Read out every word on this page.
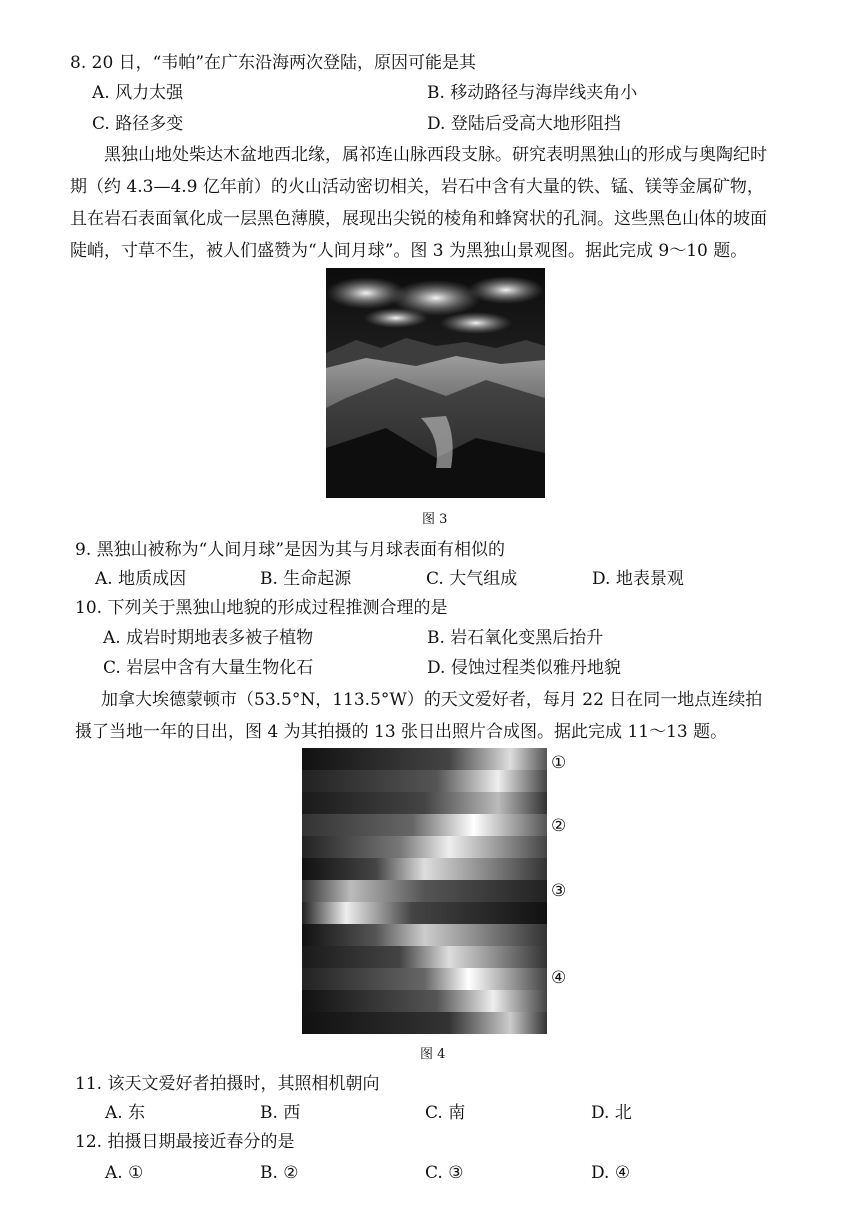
8. 20 日，“韦帕”在广东沿海两次登陆，原因可能是其
A. 风力太强	B. 移动路径与海岸线夹角小
C. 路径多变	D. 登陆后受高大地形阻挡
黑独山地处柴达木盆地西北缘，属祁连山脉西段支脉。研究表明黑独山的形成与奥陶纪时期（约 4.3—4.9 亿年前）的火山活动密切相关，岩石中含有大量的铁、锰、镁等金属矿物，且在岩石表面氧化成一层黑色薄膜，展现出尖锐的棱角和蜂窝状的孔洞。这些黑色山体的坡面陡峭，寸草不生，被人们盛赞为“人间月球”。图 3 为黑独山景观图。据此完成 9～10 题。
图 3
9. 黑独山被称为“人间月球”是因为其与月球表面有相似的
A. 地质成因	B. 生命起源	C. 大气组成	D. 地表景观
10. 下列关于黑独山地貌的形成过程推测合理的是
A. 成岩时期地表多被子植物	B. 岩石氧化变黑后抬升
C. 岩层中含有大量生物化石	D. 侵蚀过程类似雅丹地貌
加拿大埃德蒙顿市（53.5°N，113.5°W）的天文爱好者，每月 22 日在同一地点连续拍摄了当地一年的日出，图 4 为其拍摄的 13 张日出照片合成图。据此完成 11～13 题。
①
②
③
④
图 4
11. 该天文爱好者拍摄时，其照相机朝向
A. 东	B. 西	C. 南	D. 北
12. 拍摄日期最接近春分的是
A. ①	B. ②	C. ③	D. ④
